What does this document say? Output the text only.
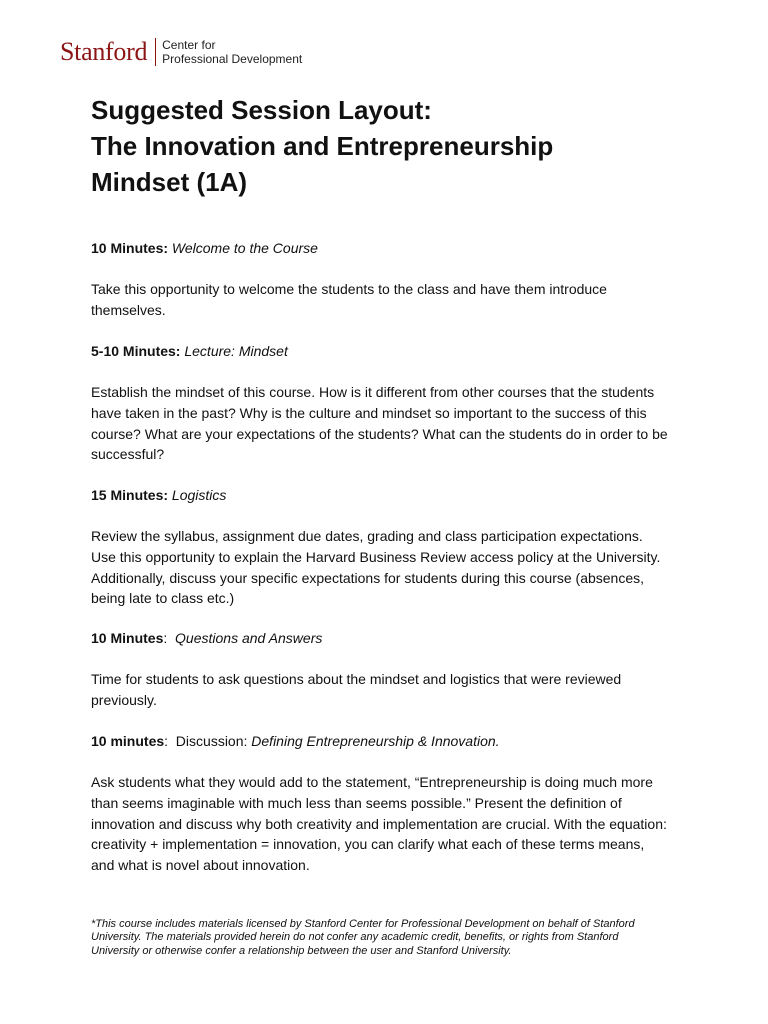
Stanford Center for
Professional Development
Suggested Session Layout:
The Innovation and Entrepreneurship
Mindset (1A)

10 Minutes: Welcome to the Course

Take this opportunity to welcome the students to the class and have them introduce themselves.

5-10 Minutes: Lecture: Mindset

Establish the mindset of this course. How is it different from other courses that the students have taken in the past? Why is the culture and mindset so important to the success of this course? What are your expectations of the students? What can the students do in order to be successful?

15 Minutes: Logistics

Review the syllabus, assignment due dates, grading and class participation expectations. Use this opportunity to explain the Harvard Business Review access policy at the University. Additionally, discuss your specific expectations for students during this course (absences, being late to class etc.)

10 Minutes:  Questions and Answers

Time for students to ask questions about the mindset and logistics that were reviewed previously.

10 minutes:  Discussion: Defining Entrepreneurship & Innovation.

Ask students what they would add to the statement, “Entrepreneurship is doing much more than seems imaginable with much less than seems possible.” Present the definition of innovation and discuss why both creativity and implementation are crucial. With the equation: creativity + implementation = innovation, you can clarify what each of these terms means, and what is novel about innovation.

*This course includes materials licensed by Stanford Center for Professional Development on behalf of Stanford University. The materials provided herein do not confer any academic credit, benefits, or rights from Stanford University or otherwise confer a relationship between the user and Stanford University.
